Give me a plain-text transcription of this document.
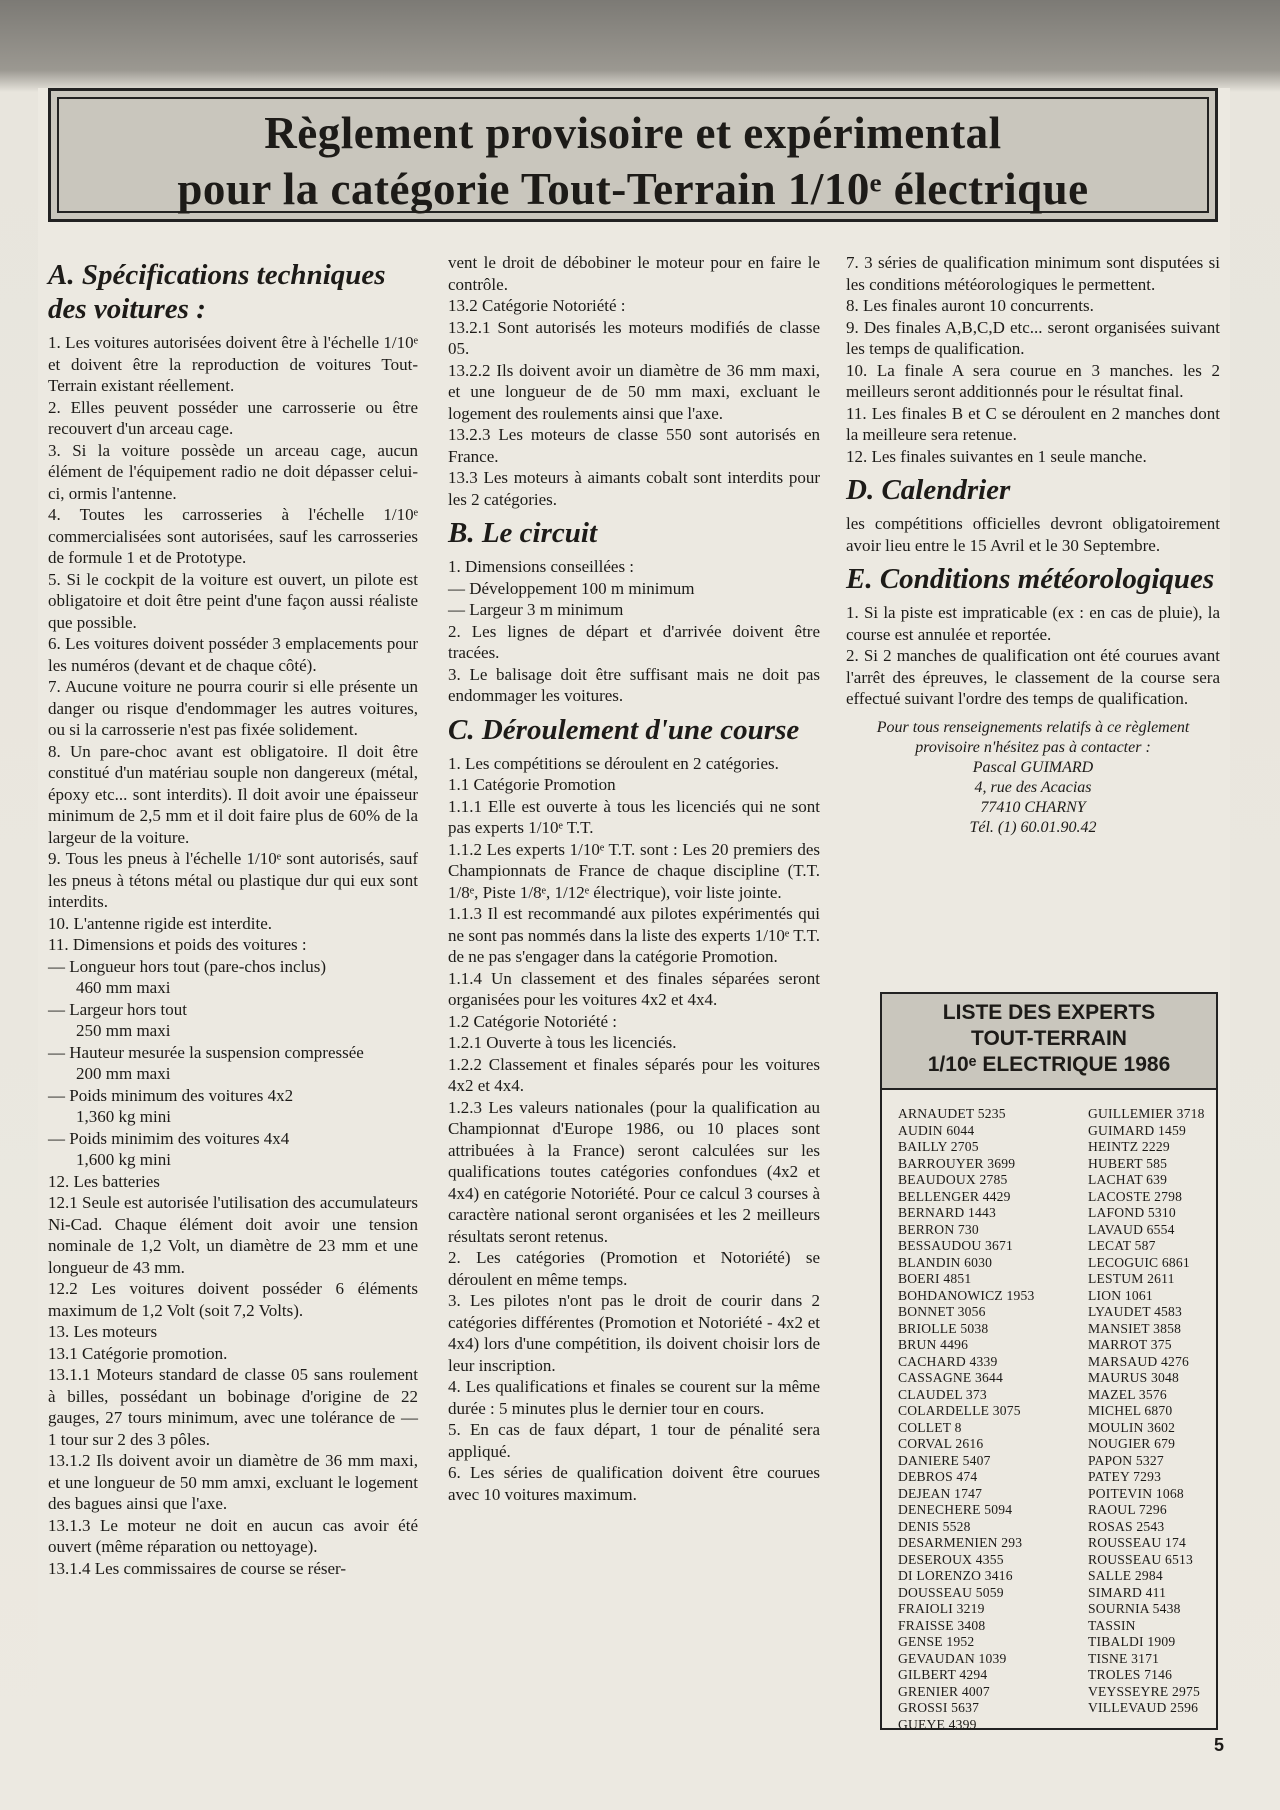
Règlement provisoire et expérimental
pour la catégorie Tout-Terrain 1/10ᵉ électrique
A. Spécifications techniques des voitures :

1. Les voitures autorisées doivent être à l'échelle 1/10ᵉ et doivent être la reproduction de voitures Tout-Terrain existant réellement.

2. Elles peuvent posséder une carrosserie ou être recouvert d'un arceau cage.

3. Si la voiture possède un arceau cage, aucun élément de l'équipement radio ne doit dépasser celui-ci, ormis l'antenne.

4. Toutes les carrosseries à l'échelle 1/10ᵉ commercialisées sont autorisées, sauf les carrosseries de formule 1 et de Prototype.

5. Si le cockpit de la voiture est ouvert, un pilote est obligatoire et doit être peint d'une façon aussi réaliste que possible.

6. Les voitures doivent posséder 3 emplacements pour les numéros (devant et de chaque côté).

7. Aucune voiture ne pourra courir si elle présente un danger ou risque d'endommager les autres voitures, ou si la carrosserie n'est pas fixée solidement.

8. Un pare-choc avant est obligatoire. Il doit être constitué d'un matériau souple non dangereux (métal, époxy etc... sont interdits). Il doit avoir une épaisseur minimum de 2,5 mm et il doit faire plus de 60% de la largeur de la voiture.

9. Tous les pneus à l'échelle 1/10ᵉ sont autorisés, sauf les pneus à tétons métal ou plastique dur qui eux sont interdits.

10. L'antenne rigide est interdite.

11. Dimensions et poids des voitures :

— Longueur hors tout (pare-chos inclus)

460 mm maxi

— Largeur hors tout

250 mm maxi

— Hauteur mesurée la suspension compressée

200 mm maxi

— Poids minimum des voitures 4x2

1,360 kg mini

— Poids minimim des voitures 4x4

1,600 kg mini

12. Les batteries

12.1 Seule est autorisée l'utilisation des accumulateurs Ni-Cad. Chaque élément doit avoir une tension nominale de 1,2 Volt, un diamètre de 23 mm et une longueur de 43 mm.

12.2 Les voitures doivent posséder 6 éléments maximum de 1,2 Volt (soit 7,2 Volts).

13. Les moteurs

13.1 Catégorie promotion.

13.1.1 Moteurs standard de classe 05 sans roulement à billes, possédant un bobinage d'origine de 22 gauges, 27 tours minimum, avec une tolérance de — 1 tour sur 2 des 3 pôles.

13.1.2 Ils doivent avoir un diamètre de 36 mm maxi, et une longueur de 50 mm amxi, excluant le logement des bagues ainsi que l'axe.

13.1.3 Le moteur ne doit en aucun cas avoir été ouvert (même réparation ou nettoyage).

13.1.4 Les commissaires de course se réser-

vent le droit de débobiner le moteur pour en faire le contrôle.

13.2 Catégorie Notoriété :

13.2.1 Sont autorisés les moteurs modifiés de classe 05.

13.2.2 Ils doivent avoir un diamètre de 36 mm maxi, et une longueur de de 50 mm maxi, excluant le logement des roulements ainsi que l'axe.

13.2.3 Les moteurs de classe 550 sont autorisés en France.

13.3 Les moteurs à aimants cobalt sont interdits pour les 2 catégories.

B. Le circuit

1. Dimensions conseillées :

— Développement 100 m minimum

— Largeur 3 m minimum

2. Les lignes de départ et d'arrivée doivent être tracées.

3. Le balisage doit être suffisant mais ne doit pas endommager les voitures.

C. Déroulement d'une course

1. Les compétitions se déroulent en 2 catégories.

1.1 Catégorie Promotion

1.1.1 Elle est ouverte à tous les licenciés qui ne sont pas experts 1/10ᵉ T.T.

1.1.2 Les experts 1/10ᵉ T.T. sont : Les 20 premiers des Championnats de France de chaque discipline (T.T. 1/8ᵉ, Piste 1/8ᵉ, 1/12ᵉ électrique), voir liste jointe.

1.1.3 Il est recommandé aux pilotes expérimentés qui ne sont pas nommés dans la liste des experts 1/10ᵉ T.T. de ne pas s'engager dans la catégorie Promotion.

1.1.4 Un classement et des finales séparées seront organisées pour les voitures 4x2 et 4x4.

1.2 Catégorie Notoriété :

1.2.1 Ouverte à tous les licenciés.

1.2.2 Classement et finales séparés pour les voitures 4x2 et 4x4.

1.2.3 Les valeurs nationales (pour la qualification au Championnat d'Europe 1986, ou 10 places sont attribuées à la France) seront calculées sur les qualifications toutes catégories confondues (4x2 et 4x4) en catégorie Notoriété. Pour ce calcul 3 courses à caractère national seront organisées et les 2 meilleurs résultats seront retenus.

2. Les catégories (Promotion et Notoriété) se déroulent en même temps.

3. Les pilotes n'ont pas le droit de courir dans 2 catégories différentes (Promotion et Notoriété - 4x2 et 4x4) lors d'une compétition, ils doivent choisir lors de leur inscription.

4. Les qualifications et finales se courent sur la même durée : 5 minutes plus le dernier tour en cours.

5. En cas de faux départ, 1 tour de pénalité sera appliqué.

6. Les séries de qualification doivent être courues avec 10 voitures maximum.

7. 3 séries de qualification minimum sont disputées si les conditions météorologiques le permettent.

8. Les finales auront 10 concurrents.

9. Des finales A,B,C,D etc... seront organisées suivant les temps de qualification.

10. La finale A sera courue en 3 manches. les 2 meilleurs seront additionnés pour le résultat final.

11. Les finales B et C se déroulent en 2 manches dont la meilleure sera retenue.

12. Les finales suivantes en 1 seule manche.

D. Calendrier

les compétitions officielles devront obligatoirement avoir lieu entre le 15 Avril et le 30 Septembre.

E. Conditions météorologiques

1. Si la piste est impraticable (ex : en cas de pluie), la course est annulée et reportée.

2. Si 2 manches de qualification ont été courues avant l'arrêt des épreuves, le classement de la course sera effectué suivant l'ordre des temps de qualification.

Pour tous renseignements relatifs à ce règlement
provisoire n'hésitez pas à contacter :
Pascal GUIMARD
4, rue des Acacias
77410 CHARNY
Tél. (1) 60.01.90.42

LISTE DES EXPERTS
TOUT-TERRAIN
1/10ᵉ ELECTRIQUE 1986
ARNAUDET 5235
AUDIN 6044
BAILLY 2705
BARROUYER 3699
BEAUDOUX 2785
BELLENGER 4429
BERNARD 1443
BERRON 730
BESSAUDOU 3671
BLANDIN 6030
BOERI 4851
BOHDANOWICZ 1953
BONNET 3056
BRIOLLE 5038
BRUN 4496
CACHARD 4339
CASSAGNE 3644
CLAUDEL 373
COLARDELLE 3075
COLLET 8
CORVAL 2616
DANIERE 5407
DEBROS 474
DEJEAN 1747
DENECHERE 5094
DENIS 5528
DESARMENIEN 293
DESEROUX 4355
DI LORENZO 3416
DOUSSEAU 5059
FRAIOLI 3219
FRAISSE 3408
GENSE 1952
GEVAUDAN 1039
GILBERT 4294
GRENIER 4007
GROSSI 5637
GUEYE 4399
GUILLEMIER 3718
GUIMARD 1459
HEINTZ 2229
HUBERT 585
LACHAT 639
LACOSTE 2798
LAFOND 5310
LAVAUD 6554
LECAT 587
LECOGUIC 6861
LESTUM 2611
LION 1061
LYAUDET 4583
MANSIET 3858
MARROT 375
MARSAUD 4276
MAURUS 3048
MAZEL 3576
MICHEL 6870
MOULIN 3602
NOUGIER 679
PAPON 5327
PATEY 7293
POITEVIN 1068
RAOUL 7296
ROSAS 2543
ROUSSEAU 174
ROUSSEAU 6513
SALLE 2984
SIMARD 411
SOURNIA 5438
TASSIN
TIBALDI 1909
TISNE 3171
TROLES 7146
VEYSSEYRE 2975
VILLEVAUD 2596
5
